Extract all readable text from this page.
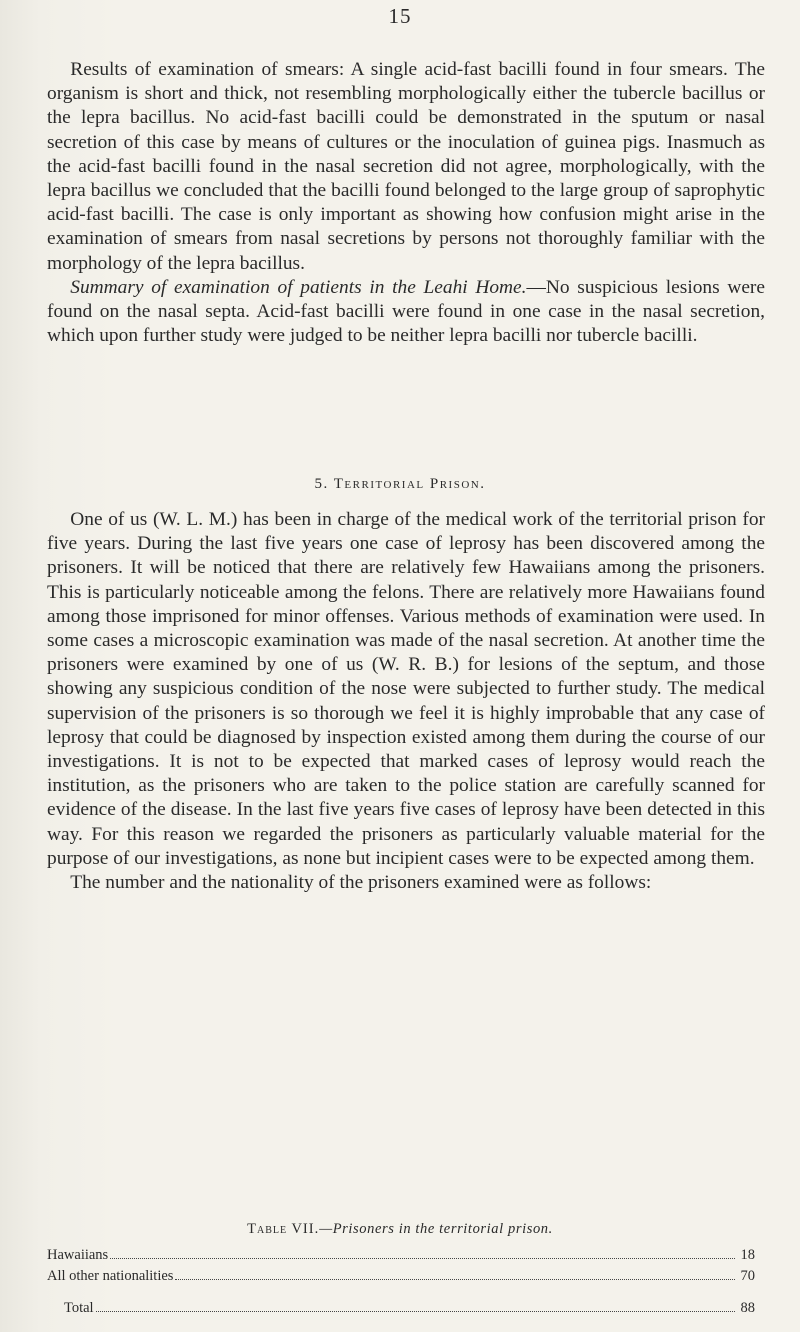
15

Results of examination of smears: A single acid-fast bacilli found in four smears. The organism is short and thick, not resembling morphologically either the tubercle bacillus or the lepra bacillus. No acid-fast bacilli could be demonstrated in the sputum or nasal secretion of this case by means of cultures or the inoculation of guinea pigs. Inasmuch as the acid-fast bacilli found in the nasal secretion did not agree, morphologically, with the lepra bacillus we concluded that the bacilli found belonged to the large group of saprophytic acid-fast bacilli. The case is only important as showing how confusion might arise in the examination of smears from nasal secretions by persons not thoroughly familiar with the morphology of the lepra bacillus.

Summary of examination of patients in the Leahi Home.—No suspicious lesions were found on the nasal septa. Acid-fast bacilli were found in one case in the nasal secretion, which upon further study were judged to be neither lepra bacilli nor tubercle bacilli.

5. Territorial Prison.

One of us (W. L. M.) has been in charge of the medical work of the territorial prison for five years. During the last five years one case of leprosy has been discovered among the prisoners. It will be noticed that there are relatively few Hawaiians among the prisoners. This is particularly noticeable among the felons. There are relatively more Hawaiians found among those imprisoned for minor offenses. Various methods of examination were used. In some cases a microscopic examination was made of the nasal secretion. At another time the prisoners were examined by one of us (W. R. B.) for lesions of the septum, and those showing any suspicious condition of the nose were subjected to further study. The medical supervision of the prisoners is so thorough we feel it is highly improbable that any case of leprosy that could be diagnosed by inspection existed among them during the course of our investigations. It is not to be expected that marked cases of leprosy would reach the institution, as the prisoners who are taken to the police station are carefully scanned for evidence of the disease. In the last five years five cases of leprosy have been detected in this way. For this reason we regarded the prisoners as particularly valuable material for the purpose of our investigations, as none but incipient cases were to be expected among them.

The number and the nationality of the prisoners examined were as follows:

Table VII.—Prisoners in the territorial prison.
Hawaiians	18
All other nationalities	70
Total	88
